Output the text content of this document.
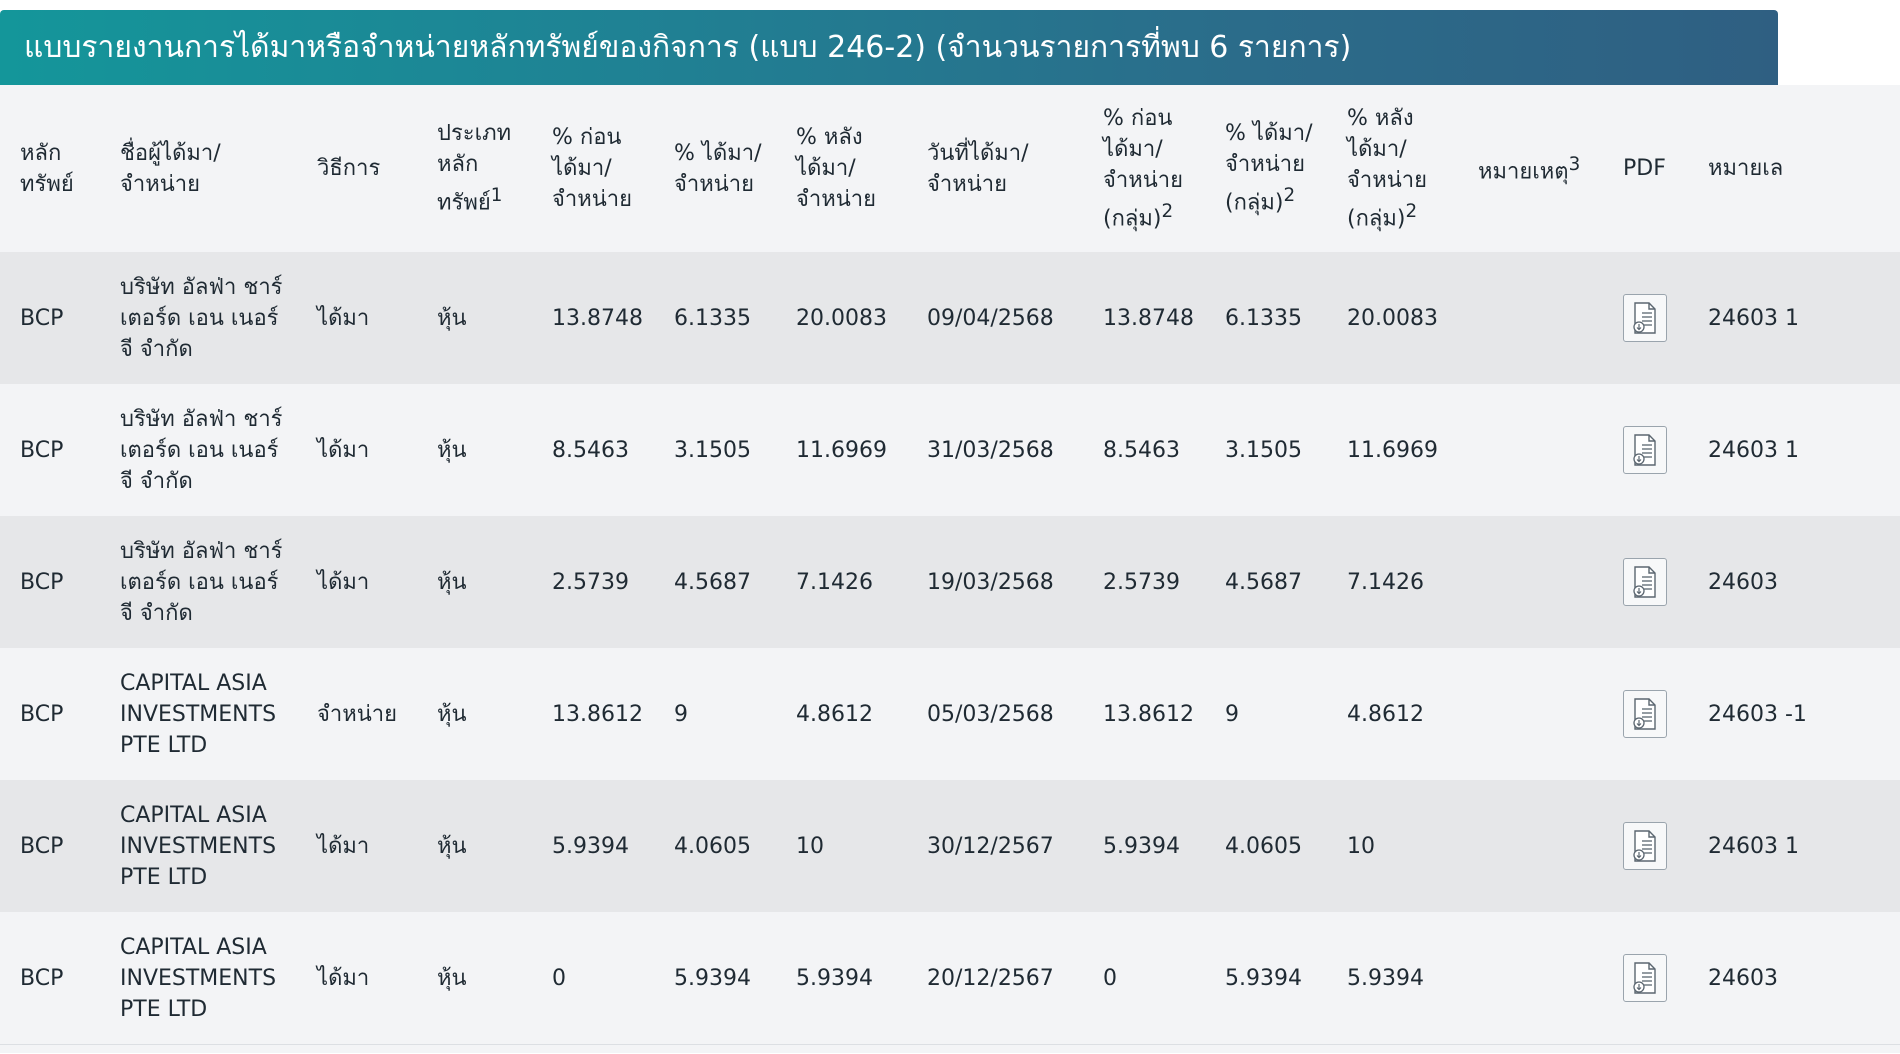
แบบรายงานการได้มาหรือจำหน่ายหลักทรัพย์ของกิจการ (แบบ 246-2) (จำนวนรายการที่พบ 6 รายการ)
หลัก ทรัพย์	ชื่อผู้ได้มา/ จำหน่าย	วิธีการ	ประเภท หลัก ทรัพย์$^1$	% ก่อน ได้มา/ จำหน่าย	% ได้มา/ จำหน่าย	% หลัง ได้มา/ จำหน่าย	วันที่ได้มา/ จำหน่าย	% ก่อน ได้มา/ จำหน่าย (กลุ่ม)$^2$	% ได้มา/ จำหน่าย (กลุ่ม)$^2$	% หลัง ได้มา/ จำหน่าย (กลุ่ม)$^2$	หมายเหตุ$^3$	PDF	หมายเล
BCP	บริษัท อัลฟ่า ชาร์เตอร์ด เอน เนอร์จี จำกัด	ได้มา	หุ้น	13.8748	6.1335	20.0083	09/04/2568	13.8748	6.1335	20.0083			24603 1
BCP	บริษัท อัลฟ่า ชาร์เตอร์ด เอน เนอร์จี จำกัด	ได้มา	หุ้น	8.5463	3.1505	11.6969	31/03/2568	8.5463	3.1505	11.6969			24603 1
BCP	บริษัท อัลฟ่า ชาร์เตอร์ด เอน เนอร์จี จำกัด	ได้มา	หุ้น	2.5739	4.5687	7.1426	19/03/2568	2.5739	4.5687	7.1426			24603
BCP	CAPITAL ASIA INVESTMENTS PTE LTD	จำหน่าย	หุ้น	13.8612	9	4.8612	05/03/2568	13.8612	9	4.8612			24603 -1
BCP	CAPITAL ASIA INVESTMENTS PTE LTD	ได้มา	หุ้น	5.9394	4.0605	10	30/12/2567	5.9394	4.0605	10			24603 1
BCP	CAPITAL ASIA INVESTMENTS PTE LTD	ได้มา	หุ้น	0	5.9394	5.9394	20/12/2567	0	5.9394	5.9394			24603
